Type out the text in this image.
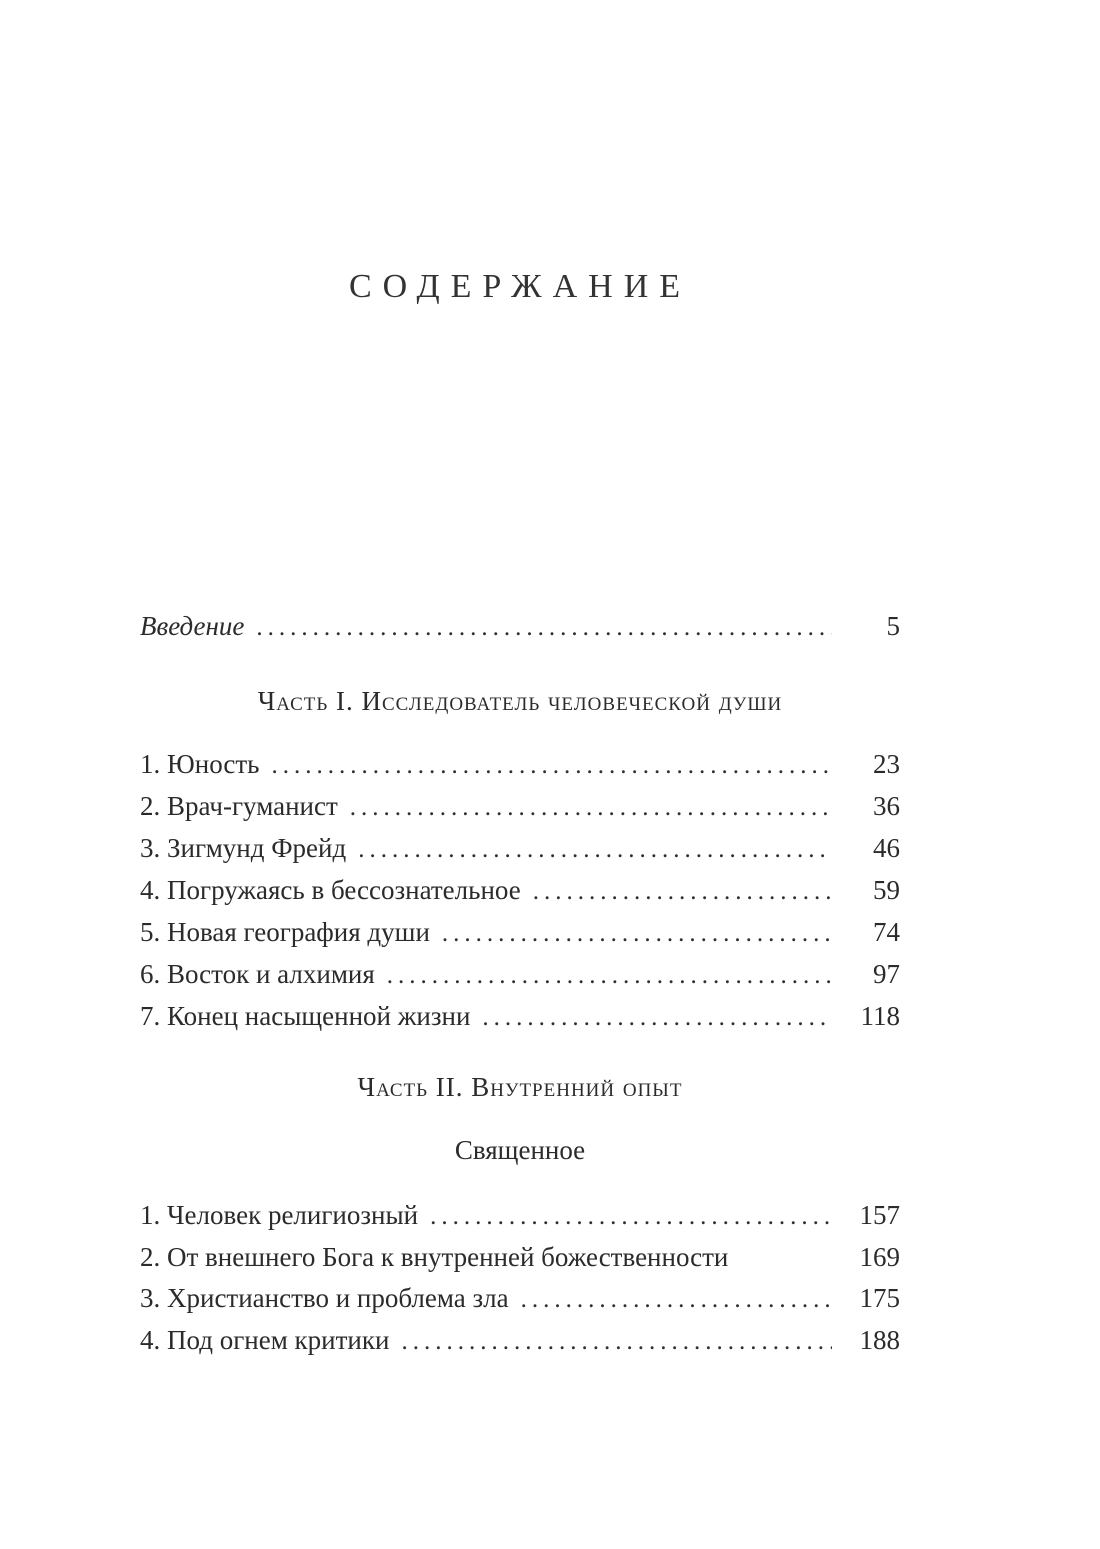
СОДЕРЖАНИЕ
Введение .....	5
Часть I. Исследователь человеческой души
1. Юность .....	23
2. Врач-гуманист .....	36
3. Зигмунд Фрейд .....	46
4. Погружаясь в бессознательное .....	59
5. Новая география души .....	74
6. Восток и алхимия .....	97
7. Конец насыщенной жизни .....	118
Часть II. Внутренний опыт
Священное
1. Человек религиозный .....	157
2. От внешнего Бога к внутренней божественности	169
3. Христианство и проблема зла .....	175
4. Под огнем критики .....	188
